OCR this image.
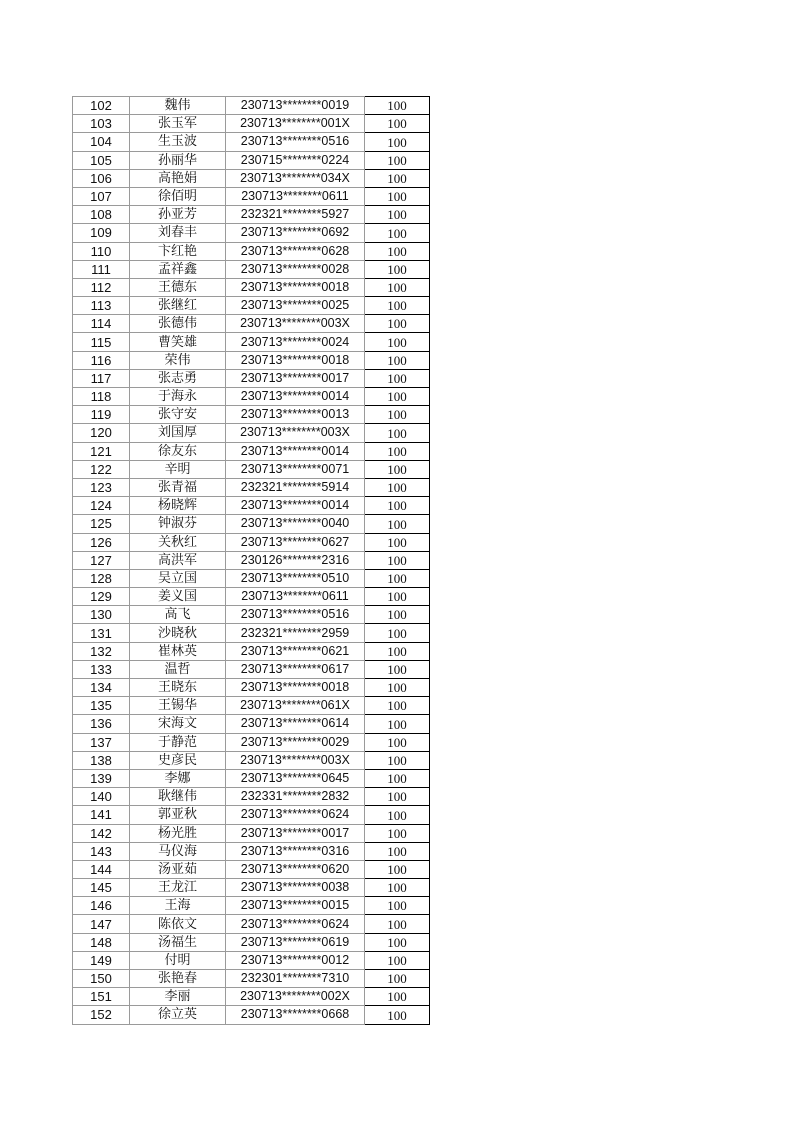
102	魏伟	230713********0019	100
103	张玉军	230713********001X	100
104	生玉波	230713********0516	100
105	孙丽华	230715********0224	100
106	高艳娟	230713********034X	100
107	徐佰明	230713********0611	100
108	孙亚芳	232321********5927	100
109	刘春丰	230713********0692	100
110	卞红艳	230713********0628	100
111	孟祥鑫	230713********0028	100
112	王德东	230713********0018	100
113	张继红	230713********0025	100
114	张德伟	230713********003X	100
115	曹笑雄	230713********0024	100
116	荣伟	230713********0018	100
117	张志勇	230713********0017	100
118	于海永	230713********0014	100
119	张守安	230713********0013	100
120	刘国厚	230713********003X	100
121	徐友东	230713********0014	100
122	辛明	230713********0071	100
123	张青福	232321********5914	100
124	杨晓辉	230713********0014	100
125	钟淑芬	230713********0040	100
126	关秋红	230713********0627	100
127	高洪军	230126********2316	100
128	吴立国	230713********0510	100
129	姜义国	230713********0611	100
130	高飞	230713********0516	100
131	沙晓秋	232321********2959	100
132	崔林英	230713********0621	100
133	温哲	230713********0617	100
134	王晓东	230713********0018	100
135	王锡华	230713********061X	100
136	宋海文	230713********0614	100
137	于静范	230713********0029	100
138	史彦民	230713********003X	100
139	李娜	230713********0645	100
140	耿继伟	232331********2832	100
141	郭亚秋	230713********0624	100
142	杨光胜	230713********0017	100
143	马仪海	230713********0316	100
144	汤亚茹	230713********0620	100
145	王龙江	230713********0038	100
146	王海	230713********0015	100
147	陈依文	230713********0624	100
148	汤福生	230713********0619	100
149	付明	230713********0012	100
150	张艳春	232301********7310	100
151	李丽	230713********002X	100
152	徐立英	230713********0668	100
